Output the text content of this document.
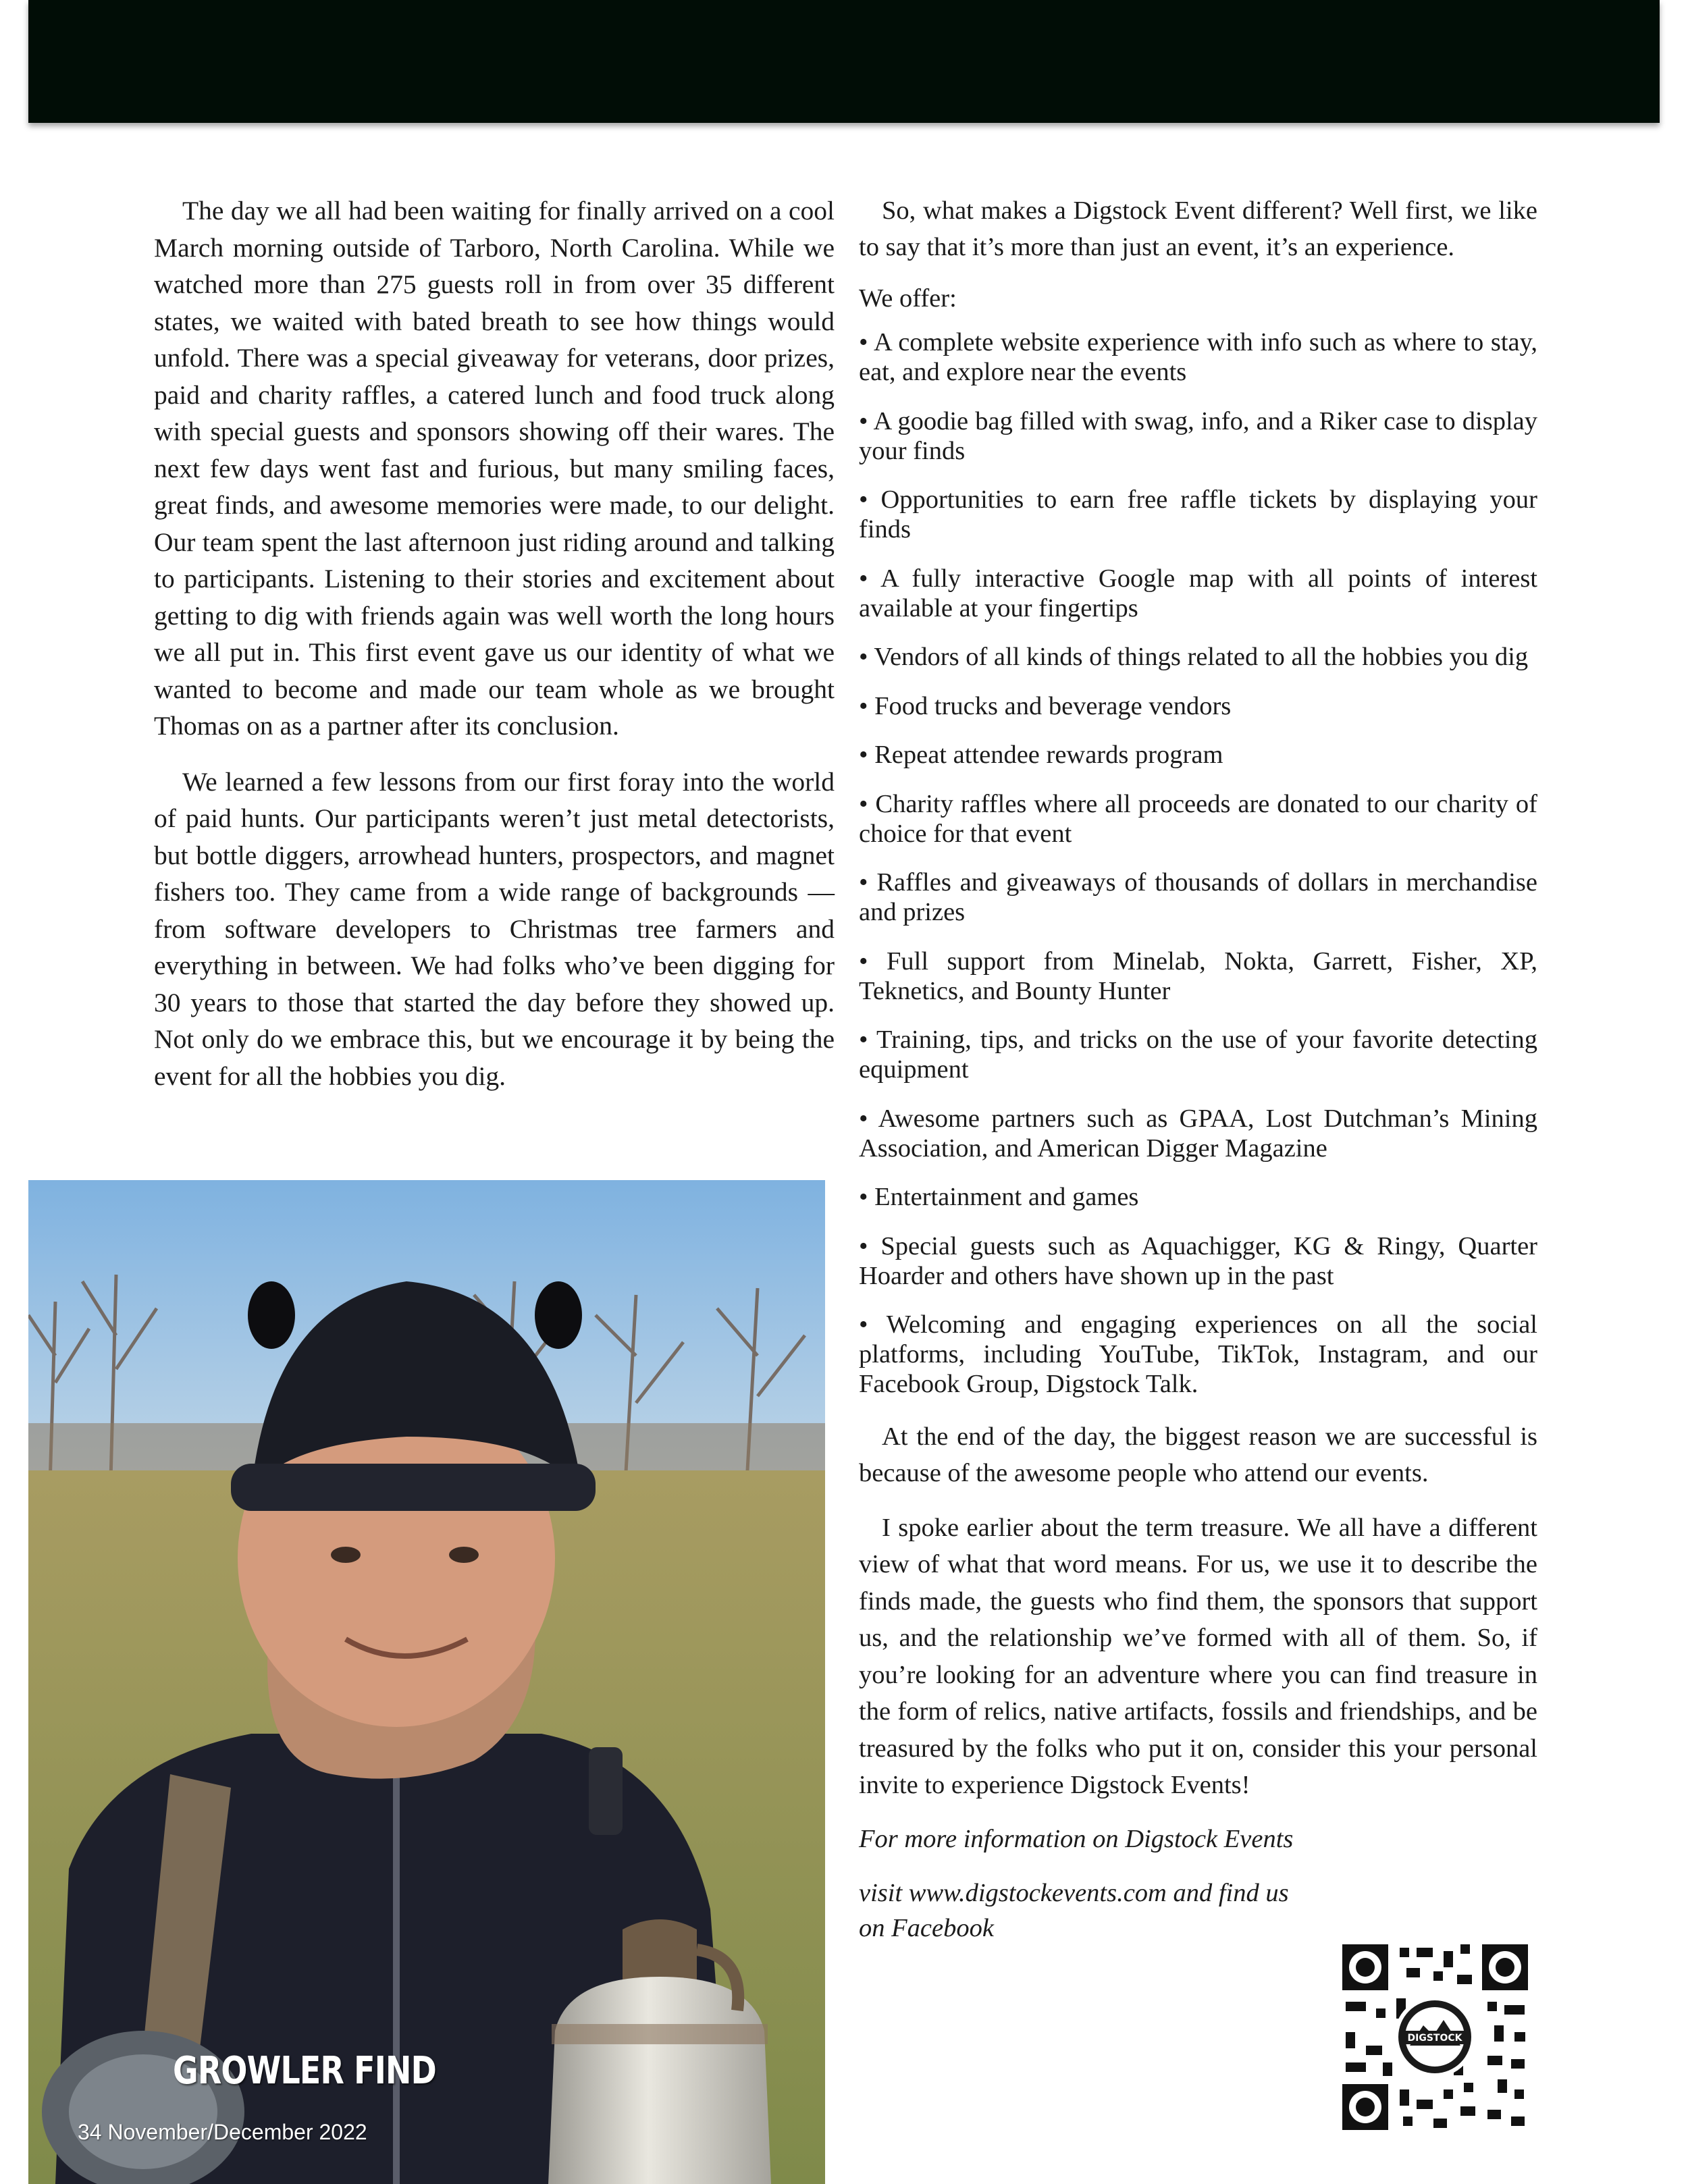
The day we all had been waiting for finally arrived on a cool March morning outside of Tarboro, North Carolina. While we watched more than 275 guests roll in from over 35 different states, we waited with bated breath to see how things would unfold. There was a special giveaway for veterans, door prizes, paid and charity raffles, a catered lunch and food truck along with special guests and sponsors showing off their wares. The next few days went fast and furious, but many smiling faces, great finds, and awesome memories were made, to our delight. Our team spent the last afternoon just riding around and talking to participants. Listening to their stories and excitement about getting to dig with friends again was well worth the long hours we all put in. This first event gave us our identity of what we wanted to become and made our team whole as we brought Thomas on as a partner after its conclusion.

We learned a few lessons from our first foray into the world of paid hunts. Our participants weren’t just metal detectorists, but bottle diggers, arrowhead hunters, prospectors, and magnet fishers too. They came from a wide range of backgrounds — from software developers to Christmas tree farmers and everything in between. We had folks who’ve been digging for 30 years to those that started the day before they showed up. Not only do we embrace this, but we encourage it by being the event for all the hobbies you dig.

So, what makes a Digstock Event different? Well first, we like to say that it’s more than just an event, it’s an experience.

We offer:

• A complete website experience with info such as where to stay, eat, and explore near the events
• A goodie bag filled with swag, info, and a Riker case to display your finds
• Opportunities to earn free raffle tickets by displaying your finds
• A fully interactive Google map with all points of interest available at your fingertips
• Vendors of all kinds of things related to all the hobbies you dig
• Food trucks and beverage vendors
• Repeat attendee rewards program
• Charity raffles where all proceeds are donated to our charity of choice for that event
• Raffles and giveaways of thousands of dollars in merchandise and prizes
• Full support from Minelab, Nokta, Garrett, Fisher, XP, Teknetics, and Bounty Hunter
• Training, tips, and tricks on the use of your favorite detecting equipment
• Awesome partners such as GPAA, Lost Dutchman’s Mining Association, and American Digger Magazine
• Entertainment and games
• Special guests such as Aquachigger, KG & Ringy, Quarter Hoarder and others have shown up in the past
• Welcoming and engaging experiences on all the social platforms, including YouTube, TikTok, Instagram, and our Facebook Group, Digstock Talk.

At the end of the day, the biggest reason we are successful is because of the awesome people who attend our events.

I spoke earlier about the term treasure. We all have a different view of what that word means. For us, we use it to describe the finds made, the guests who find them, the sponsors that support us, and the relationship we’ve formed with all of them. So, if you’re looking for an adventure where you can find treasure in the form of relics, native artifacts, fossils and friendships, and be treasured by the folks who put it on, consider this your personal invite to experience Digstock Events!

For more information on Digstock Events

visit www.digstockevents.com and find us on Facebook

GROWLER FIND
34 November/December 2022
DIGSTOCK
